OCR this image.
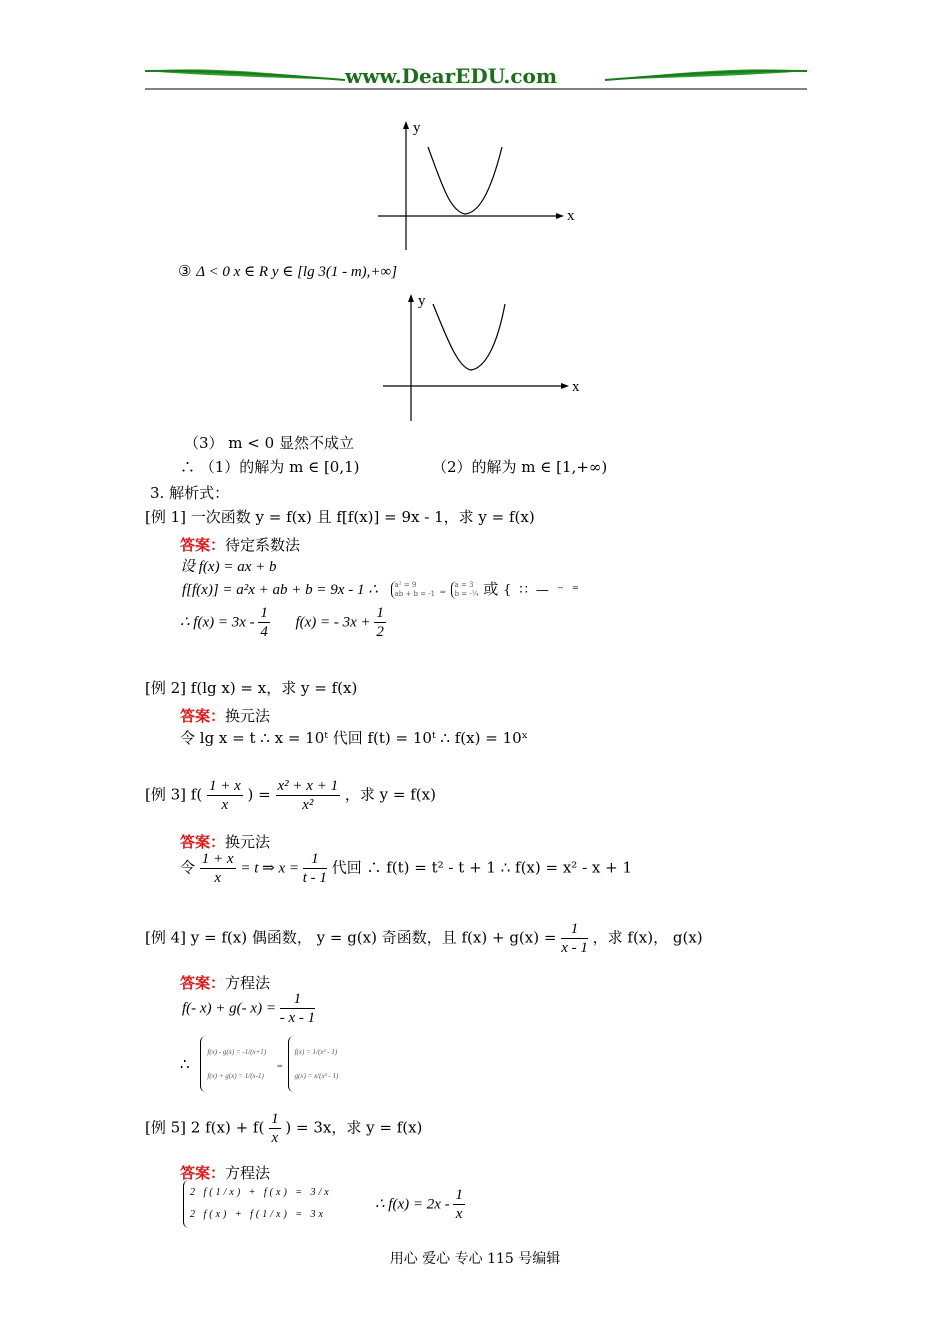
www.DearEDU.com
y
x
③ Δ < 0 x ∈ R y ∈ [lg 3(1 - m),+∞]
y
x
（3） m < 0 显然不成立
∴ （1）的解为 m ∈ [0,1)	（2）的解为 m ∈ [1,+∞)
3. 解析式：
[例 1] 一次函数 y = f(x) 且 f[f(x)] = 9x - 1，求 y = f(x)
答案：待定系数法
设 f(x) = ax + b
f[f(x)] = a²x + ab + b = 9x - 1 ∴ a² = 9
ab + b = -1 ⇒
a = 3
b = -¼ 或 { ∷ — ⁻ ⁼

∴ $f(x) = 3x - \frac{1}{4} f(x)$ = - $3x + \frac{1}{2}$
[例 2] f(lg x) = x，求 y = f(x)
答案：换元法
令 lg x = t ∴ x = 10ᵗ 代回 f(t) = 10ᵗ ∴ f(x) = 10ˣ
[例 3] $f( \frac{1 + x}{x}$ ) = $\frac{\text{x² + x + 1}}{\text{x²}}$ ，求 y = f(x)
答案：换元法
令 $\frac{1 + x}{x} = t$ ⇒ $x = \frac{1}{t - 1}$ 代回 ∴ f(t) = t² - t + 1 ∴ f(x) = x² - x + 1
[例 4] y = f(x) 偶函数， y = g(x) 奇函数，且 $f(x) + g(x) = \frac{1}{x - 1}$ ，求 f(x)， g(x)
答案：方程法
f(- x) + g(- $x) = \frac{1}{- x - 1}$
∴
f(x) - g(x) = -1/(x+1)
f(x) + g(x) = 1/(x-1)
⇒
f(x) = 1/(x² - 1)
g(x) = x/(x² - 1)
[例 5] 2 $f(x) + f( \frac{1}{x}$ ) = 3x，求 y = f(x)
答案：方程法
2 f(1/x) + f(x) = 3/x
2 f(x) + f(1/x) = 3x
∴ $f(x) = 2x - \frac{1}{x}$
用心 爱心 专心 115 号编辑
